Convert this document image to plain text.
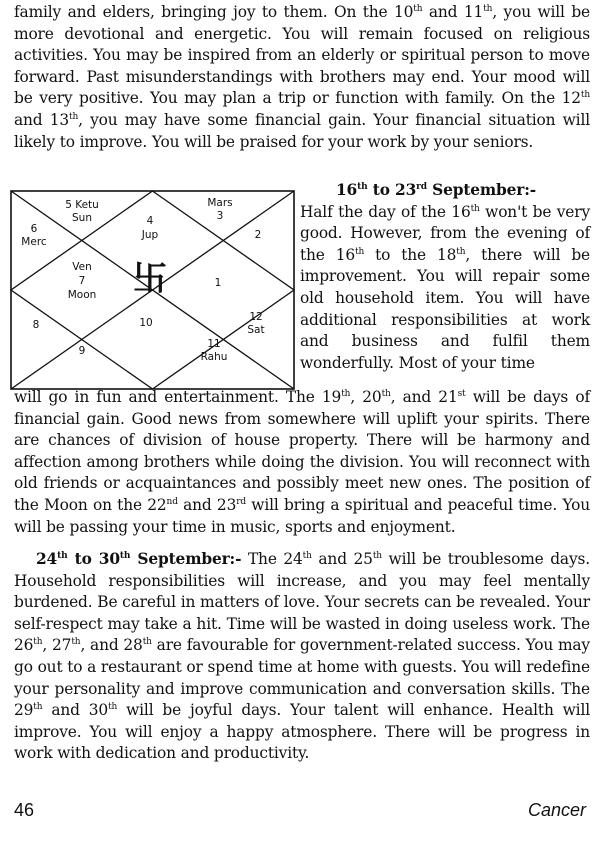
family and elders, bringing joy to them. On the 10th and 11th, you will be more devotional and energetic. You will remain focused on religious activities. You may be inspired from an elderly or spiritual person to move forward. Past misunderstandings with brothers may end. Your mood will be very positive. You may plan a trip or function with family. On the 12th and 13th, you may have some financial gain. Your financial situation will likely to improve. You will be praised for your work by your seniors.

5 Ketu
Sun	4
Jup
Mars
3
2
6
Merc
Ven
7
Moon
1
卐
8	10	12
Sat
9
11
Rahu

16th to 23rd September:-
Half the day of the 16th won't be very good. However, from the evening of the 16th to the 18th, there will be improvement. You will repair some old household item. You will have additional responsibilities at work and business and fulfil them wonderfully. Most of your time

will go in fun and entertainment. The 19th, 20th, and 21st will be days of financial gain. Good news from somewhere will uplift your spirits. There are chances of division of house property. There will be harmony and affection among brothers while doing the division. You will reconnect with old friends or acquaintances and possibly meet new ones. The position of the Moon on the 22nd and 23rd will bring a spiritual and peaceful time. You will be passing your time in music, sports and enjoyment.

24th to 30th September:- The 24th and 25th will be troublesome days. Household responsibilities will increase, and you may feel mentally burdened. Be careful in matters of love. Your secrets can be revealed. Your self-respect may take a hit. Time will be wasted in doing useless work. The 26th, 27th, and 28th are favourable for government-related success. You may go out to a restaurant or spend time at home with guests. You will redefine your personality and improve communication and conversation skills. The 29th and 30th will be joyful days. Your talent will enhance. Health will improve. You will enjoy a happy atmosphere. There will be progress in work with dedication and productivity.

46	Cancer
